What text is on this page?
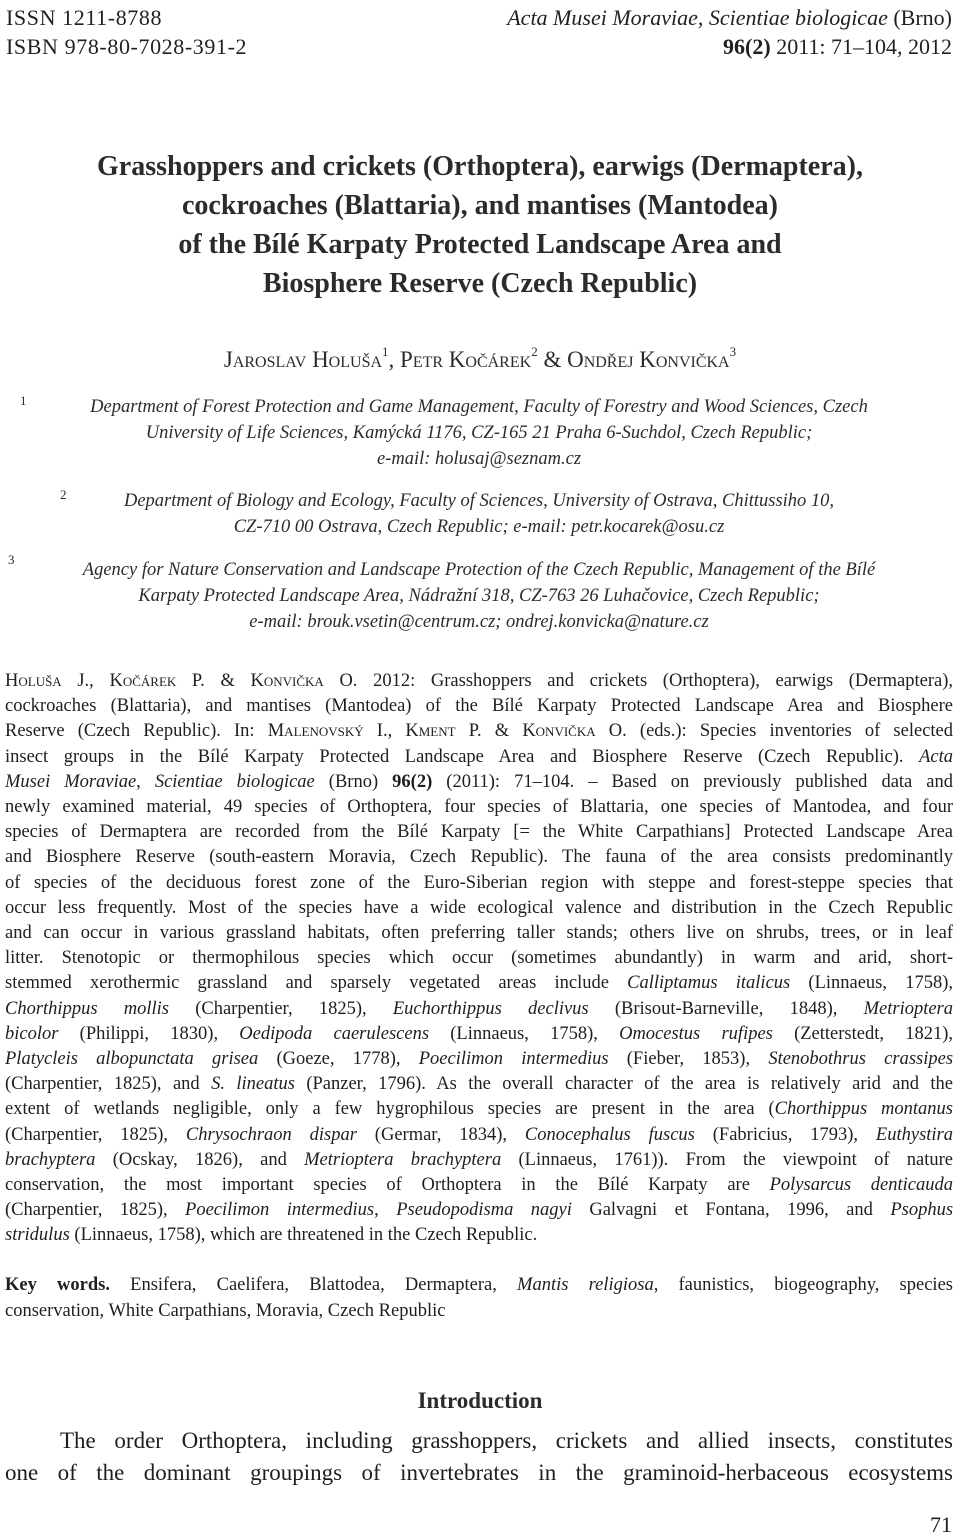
ISSN 1211-8788
ISBN 978-80-7028-391-2
Acta Musei Moraviae, Scientiae biologicae (Brno)
96(2) 2011: 71–104, 2012
Grasshoppers and crickets (Orthoptera), earwigs (Dermaptera),
cockroaches (Blattaria), and mantises (Mantodea)
of the Bílé Karpaty Protected Landscape Area and
Biosphere Reserve (Czech Republic)
Jaroslav Holuša$^1$, Petr Kočárek$^2$ & Ondřej Konvička$^3$
1	Department of Forest Protection and Game Management, Faculty of Forestry and Wood Sciences, Czech
University of Life Sciences, Kamýcká 1176, CZ-165 21 Praha 6-Suchdol, Czech Republic;
e-mail: holusaj@seznam.cz
2	Department of Biology and Ecology, Faculty of Sciences, University of Ostrava, Chittussiho 10,
CZ-710 00 Ostrava, Czech Republic; e-mail: petr.kocarek@osu.cz
3
Agency for Nature Conservation and Landscape Protection of the Czech Republic, Management of the Bílé
Karpaty Protected Landscape Area, Nádražní 318, CZ-763 26 Luhačovice, Czech Republic;
e-mail: brouk.vsetin@centrum.cz; ondrej.konvicka@nature.cz
Holuša J., Kočárek P. & Konvička O. 2012: Grasshoppers and crickets (Orthoptera), earwigs (Dermaptera),
cockroaches (Blattaria), and mantises (Mantodea) of the Bílé Karpaty Protected Landscape Area and Biosphere
Reserve (Czech Republic). In: Malenovský I., Kment P. & Konvička O. (eds.): Species inventories of selected
insect groups in the Bílé Karpaty Protected Landscape Area and Biosphere Reserve (Czech Republic). Acta
Musei Moraviae, Scientiae biologicae (Brno) 96(2) (2011): 71–104. – Based on previously published data and
newly examined material, 49 species of Orthoptera, four species of Blattaria, one species of Mantodea, and four
species of Dermaptera are recorded from the Bílé Karpaty [= the White Carpathians] Protected Landscape Area
and Biosphere Reserve (south-eastern Moravia, Czech Republic). The fauna of the area consists predominantly
of species of the deciduous forest zone of the Euro-Siberian region with steppe and forest-steppe species that
occur less frequently. Most of the species have a wide ecological valence and distribution in the Czech Republic
and can occur in various grassland habitats, often preferring taller stands; others live on shrubs, trees, or in leaf
litter. Stenotopic or thermophilous species which occur (sometimes abundantly) in warm and arid, short-
stemmed xerothermic grassland and sparsely vegetated areas include Calliptamus italicus (Linnaeus, 1758),
Chorthippus mollis (Charpentier, 1825), Euchorthippus declivus (Brisout-Barneville, 1848), Metrioptera
bicolor (Philippi, 1830), Oedipoda caerulescens (Linnaeus, 1758), Omocestus rufipes (Zetterstedt, 1821),
Platycleis albopunctata grisea (Goeze, 1778), Poecilimon intermedius (Fieber, 1853), Stenobothrus crassipes
(Charpentier, 1825), and S. lineatus (Panzer, 1796). As the overall character of the area is relatively arid and the
extent of wetlands negligible, only a few hygrophilous species are present in the area (Chorthippus montanus
(Charpentier, 1825), Chrysochraon dispar (Germar, 1834), Conocephalus fuscus (Fabricius, 1793), Euthystira
brachyptera (Ocskay, 1826), and Metrioptera brachyptera (Linnaeus, 1761)). From the viewpoint of nature
conservation, the most important species of Orthoptera in the Bílé Karpaty are Polysarcus denticauda
(Charpentier, 1825), Poecilimon intermedius, Pseudopodisma nagyi Galvagni et Fontana, 1996, and Psophus
stridulus (Linnaeus, 1758), which are threatened in the Czech Republic.
Key words. Ensifera, Caelifera, Blattodea, Dermaptera, Mantis religiosa, faunistics, biogeography, species
conservation, White Carpathians, Moravia, Czech Republic
Introduction
The order Orthoptera, including grasshoppers, crickets and allied insects, constitutes
one of the dominant groupings of invertebrates in the graminoid-herbaceous ecosystems
71
